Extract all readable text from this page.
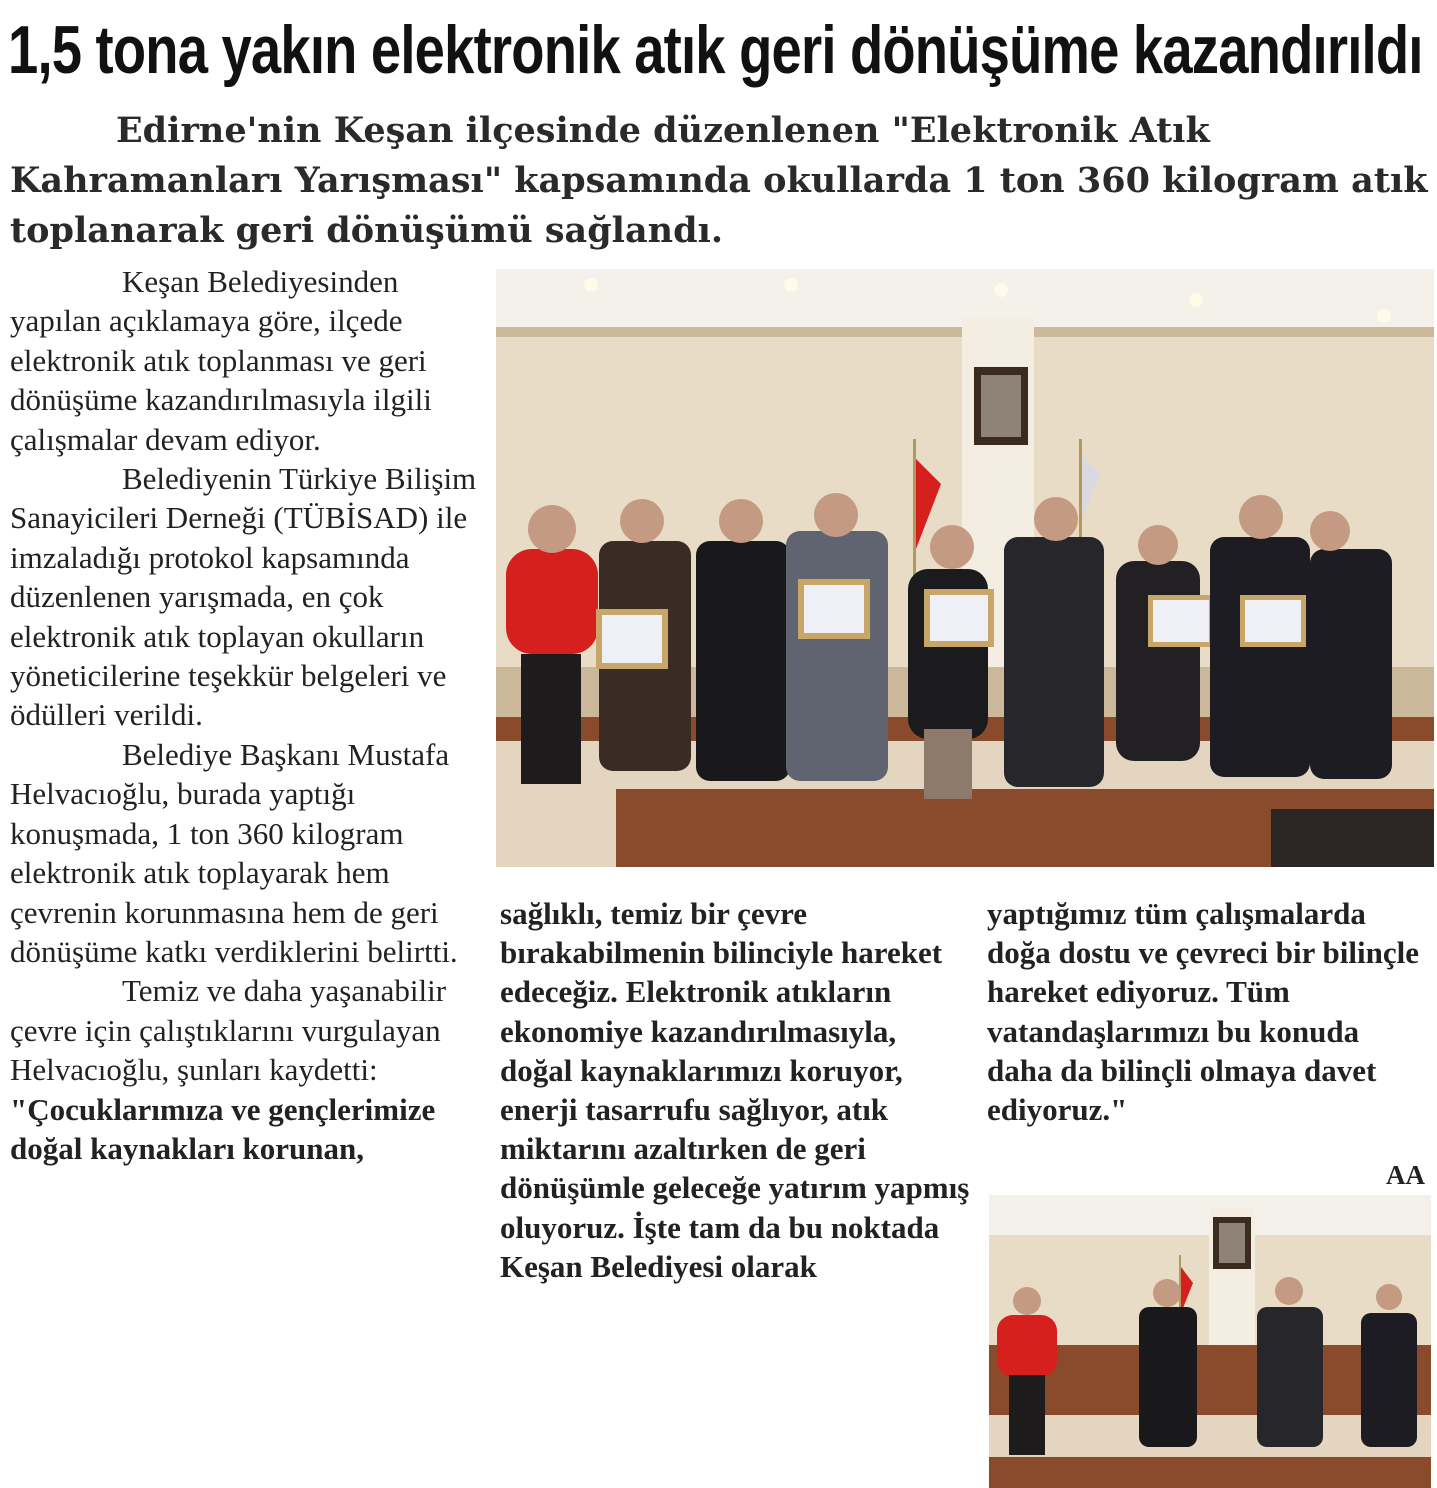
1,5 tona yakın elektronik atık geri dönüşüme kazandırıldı

Edirne'nin Keşan ilçesinde düzenlenen "Elektronik Atık Kahramanları Yarışması" kapsamında okullarda 1 ton 360 kilogram atık toplanarak geri dönüşümü sağlandı.

Keşan Belediyesinden yapılan açıklamaya göre, ilçede elektronik atık toplanması ve geri dönüşüme kazandırılmasıyla ilgili çalışmalar devam ediyor.

Belediyenin Türkiye Bilişim Sanayicileri Derneği (TÜBİSAD) ile imzaladığı protokol kapsamında düzenlenen yarışmada, en çok elektronik atık toplayan okulların yöneticilerine teşekkür belgeleri ve ödülleri verildi.

Belediye Başkanı Mustafa Helvacıoğlu, burada yaptığı konuşmada, 1 ton 360 kilogram elektronik atık toplayarak hem çevrenin korunmasına hem de geri dönüşüme katkı verdiklerini belirtti.

Temiz ve daha yaşanabilir çevre için çalıştıklarını vurgulayan Helvacıoğlu, şunları kaydetti: "Çocuklarımıza ve gençlerimize doğal kaynakları korunan,

sağlıklı, temiz bir çevre bırakabilmenin bilinciyle hareket edeceğiz. Elektronik atıkların ekonomiye kazandırılmasıyla, doğal kaynaklarımızı koruyor, enerji tasarrufu sağlıyor, atık miktarını azaltırken de geri dönüşümle geleceğe yatırım yapmış oluyoruz. İşte tam da bu noktada Keşan Belediyesi olarak

yaptığımız tüm çalışmalarda doğa dostu ve çevreci bir bilinçle hareket ediyoruz. Tüm vatandaşlarımızı bu konuda daha da bilinçli olmaya davet ediyoruz."

AA
